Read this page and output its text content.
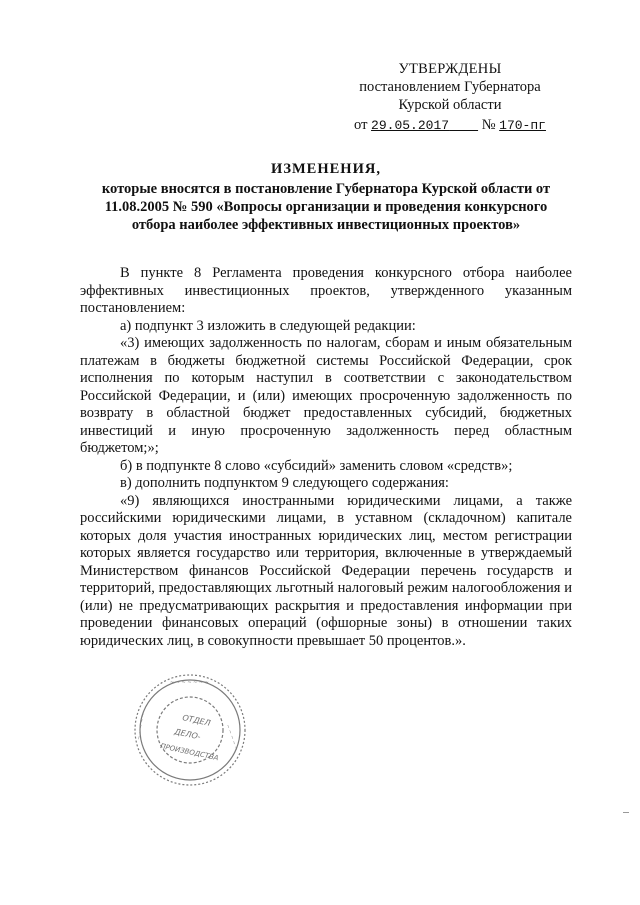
УТВЕРЖДЕНЫ
постановлением Губернатора
Курской области
от 29.05.2017 № 170-пг
ИЗМЕНЕНИЯ,
которые вносятся в постановление Губернатора Курской области от
11.08.2005 № 590 «Вопросы организации и проведения конкурсного
отбора наиболее эффективных инвестиционных проектов»

В пункте 8 Регламента проведения конкурсного отбора наиболее эффективных инвестиционных проектов, утвержденного указанным постановлением:

а) подпункт 3 изложить в следующей редакции:

«3) имеющих задолженность по налогам, сборам и иным обязательным платежам в бюджеты бюджетной системы Российской Федерации, срок исполнения по которым наступил в соответствии с законодательством Российской Федерации, и (или) имеющих просроченную задолженность по возврату в областной бюджет предоставленных субсидий, бюджетных инвестиций и иную просроченную задолженность перед областным бюджетом;»;

б) в подпункте 8 слово «субсидий» заменить словом «средств»;

в) дополнить подпунктом 9 следующего содержания:

«9) являющихся иностранными юридическими лицами, а также российскими юридическими лицами, в уставном (складочном) капитале которых доля участия иностранных юридических лиц, местом регистрации которых является государство или территория, включенные в утверждаемый Министерством финансов Российской Федерации перечень государств и территорий, предоставляющих льготный налоговый режим налогообложения и (или) не предусматривающих раскрытия и предоставления информации при проведении финансовых операций (офшорные зоны) в отношении таких юридических лиц, в совокупности превышает 50 процентов.».

~ ~ ~ ~ ~ ~ ~
~ ~ ~ ~ ~
~ ~ ~ ~ ~	ОТДЕЛ
ДЕЛО-
ПРОИЗВОДСТВА
